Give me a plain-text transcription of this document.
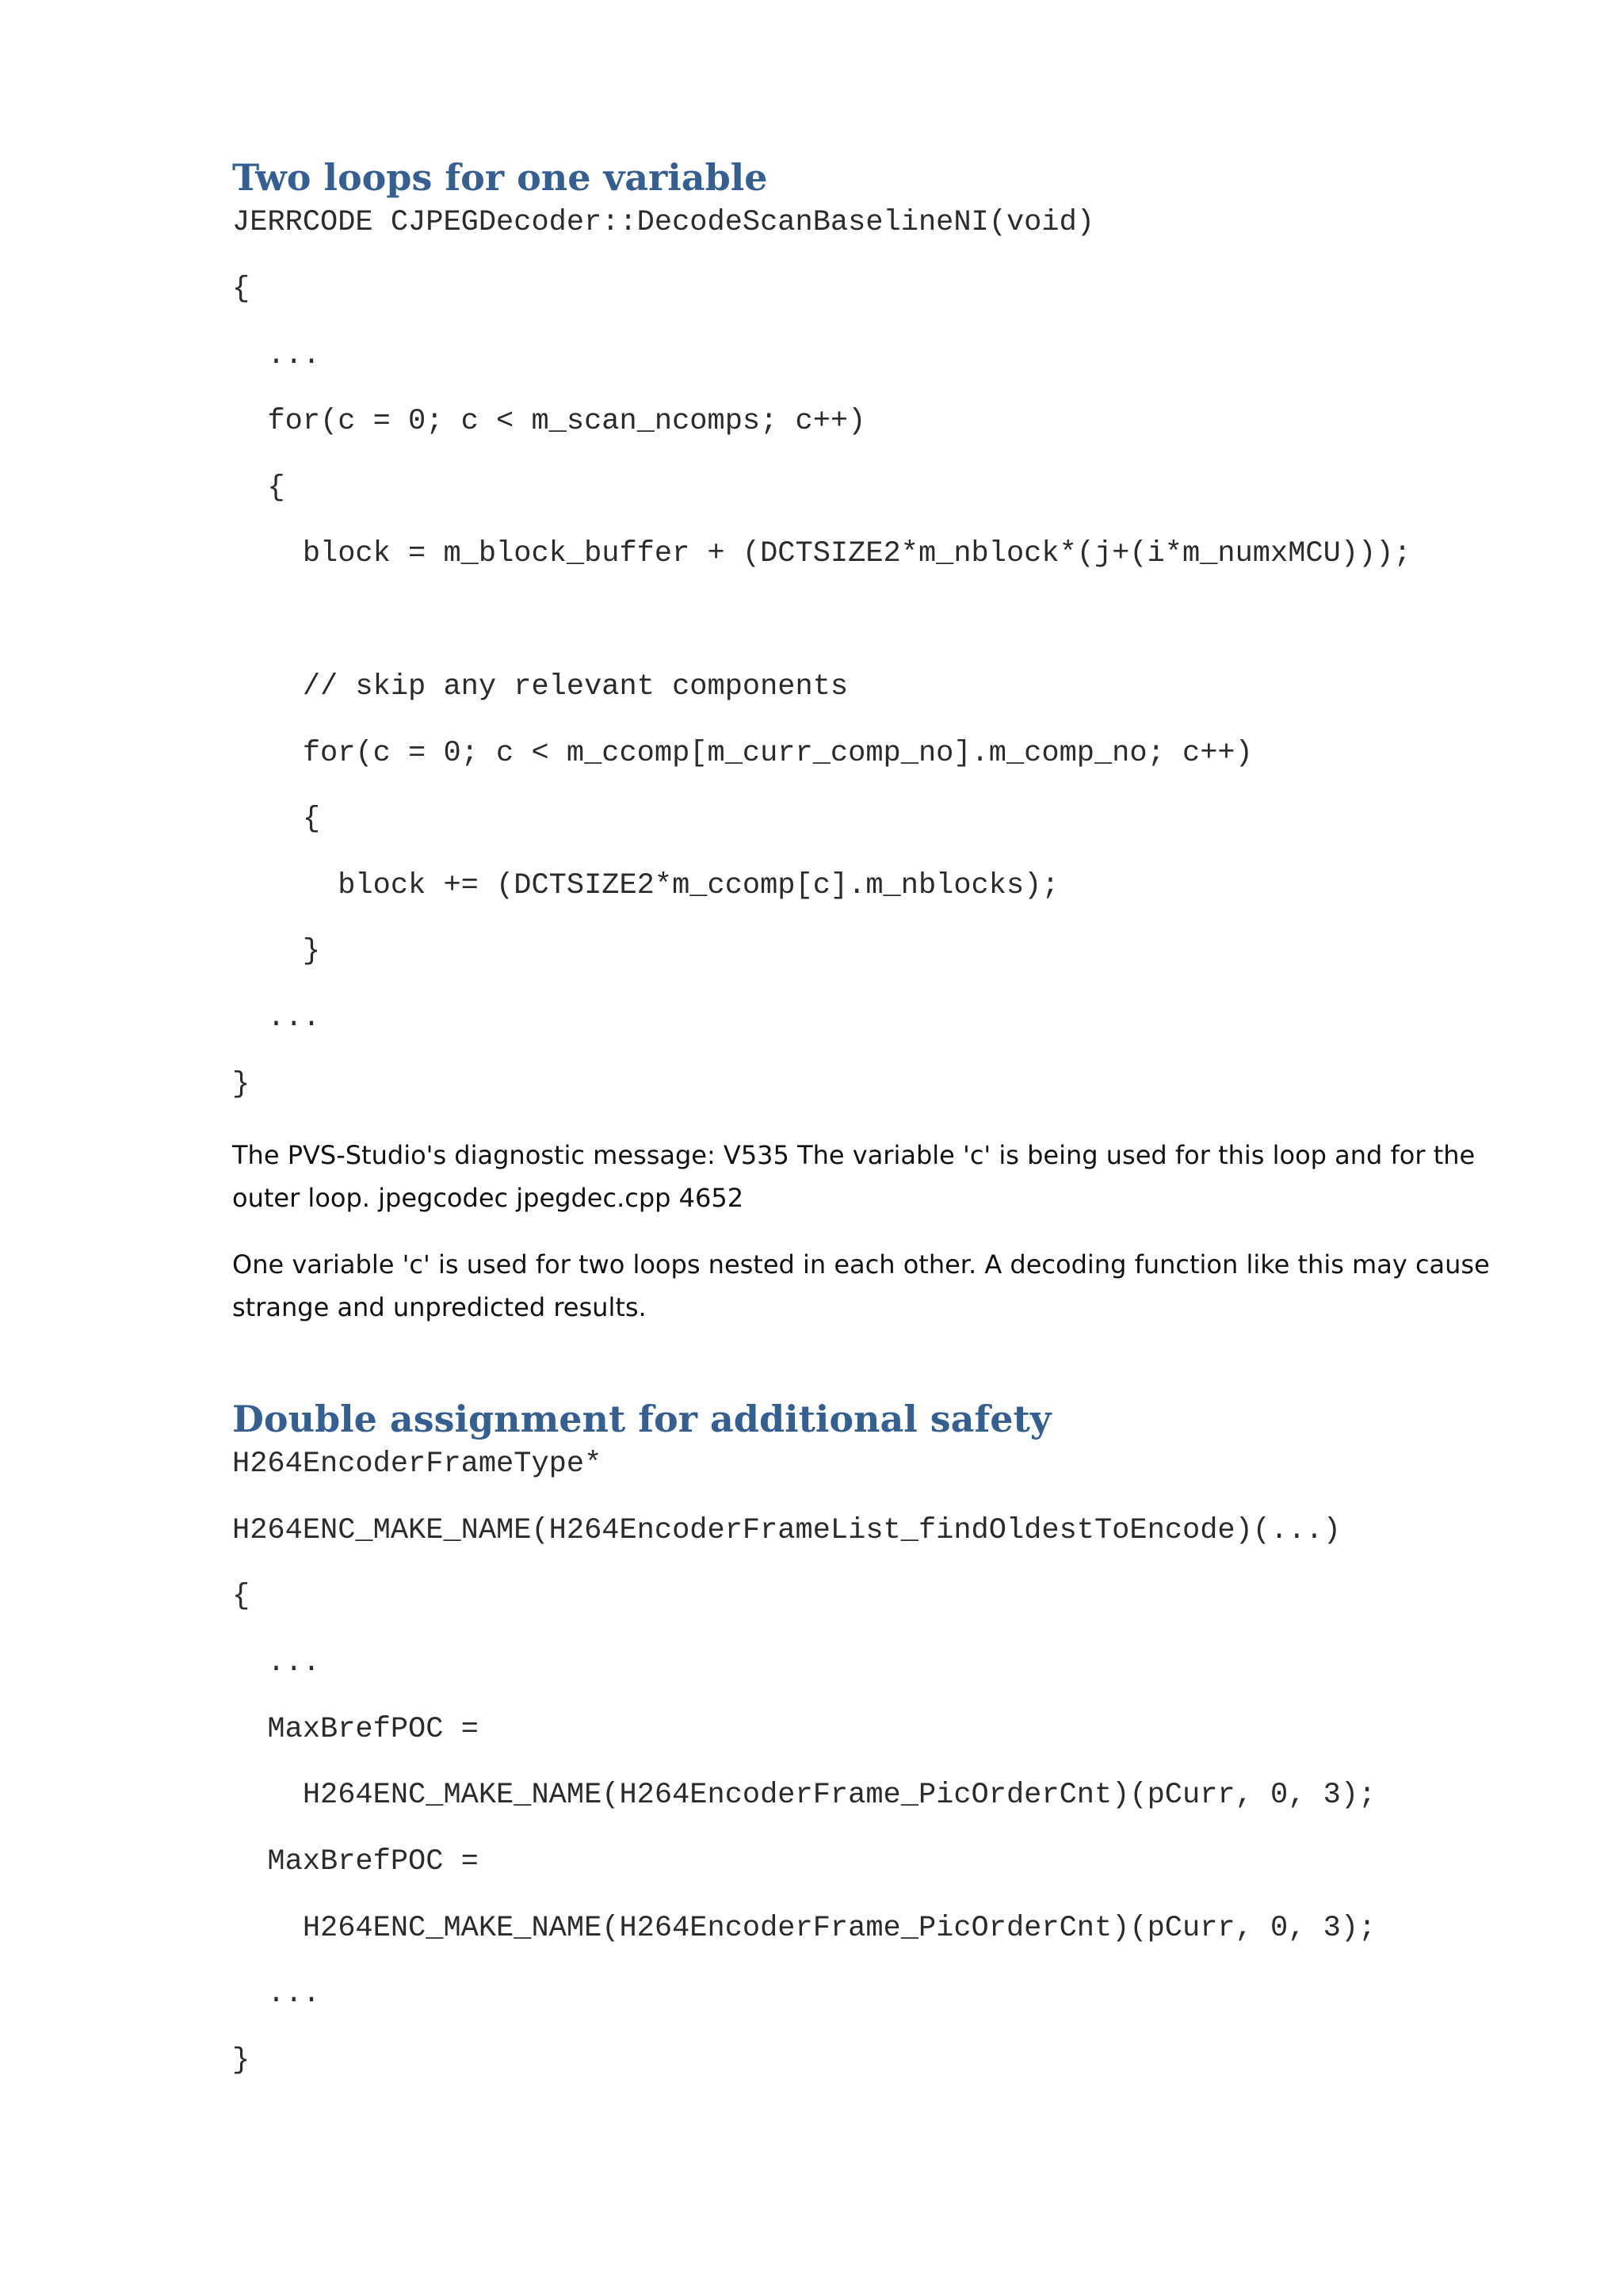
Two loops for one variable
JERRCODE CJPEGDecoder::DecodeScanBaselineNI(void)
{
...
for(c = 0; c < m_scan_ncomps; c++)
{
block = m_block_buffer + (DCTSIZE2*m_nblock*(j+(i*m_numxMCU)));
// skip any relevant components
for(c = 0; c < m_ccomp[m_curr_comp_no].m_comp_no; c++)
{
block += (DCTSIZE2*m_ccomp[c].m_nblocks);
}
...
}

The PVS-Studio's diagnostic message: V535 The variable 'c' is being used for this loop and for the outer loop. jpegcodec jpegdec.cpp 4652

One variable 'c' is used for two loops nested in each other. A decoding function like this may cause strange and unpredicted results.

Double assignment for additional safety
H264EncoderFrameType*
H264ENC_MAKE_NAME(H264EncoderFrameList_findOldestToEncode)(...)
{
...
MaxBrefPOC =
H264ENC_MAKE_NAME(H264EncoderFrame_PicOrderCnt)(pCurr, 0, 3);
MaxBrefPOC =
H264ENC_MAKE_NAME(H264EncoderFrame_PicOrderCnt)(pCurr, 0, 3);
...
}
